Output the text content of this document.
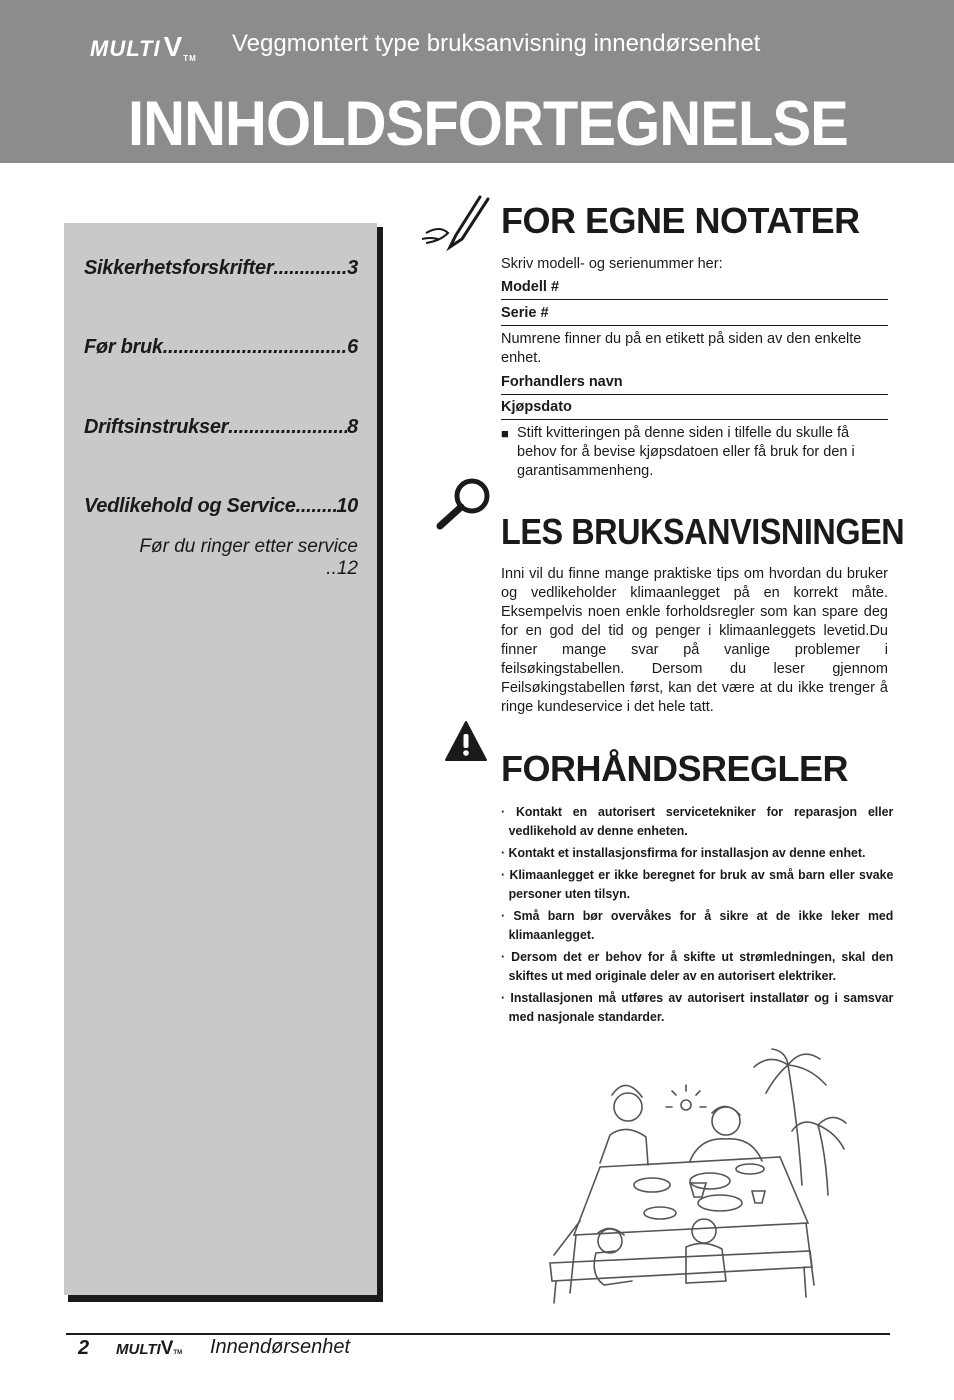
MULTI VTM
Veggmontert type bruksanvisning innendørsenhet
INNHOLDSFORTEGNELSE
Sikkerhetsforskrifter .....	3
Før bruk .....	6
Driftsinstrukser .....	8
Vedlikehold og Service ..... 10
Før du ringer etter service ..12
FOR EGNE NOTATER
Skriv modell- og serienummer her:
Modell #
Serie #
Numrene finner du på en etikett på siden av den enkelte enhet.
Forhandlers navn
Kjøpsdato
■ Stift kvitteringen på denne siden i tilfelle du skulle få behov for å bevise kjøpsdatoen eller få bruk for den i garantisammenheng.
LES BRUKSANVISNINGEN
Inni vil du finne mange praktiske tips om hvordan du bruker og vedlikeholder klimaanlegget på en korrekt måte. Eksempelvis noen enkle forholdsregler som kan spare deg for en god del tid og penger i klimaanleggets levetid.Du finner mange svar på vanlige problemer i feilsøkingstabellen. Dersom du leser gjennom Feilsøkingstabellen først, kan det være at du ikke trenger å ringe kundeservice i det hele tatt.
FORHÅNDSREGLER
· Kontakt en autorisert servicetekniker for reparasjon eller vedlikehold av denne enheten.
· Kontakt et installasjonsfirma for installasjon av denne enhet.
· Klimaanlegget er ikke beregnet for bruk av små barn eller svake personer uten tilsyn.
· Små barn bør overvåkes for å sikre at de ikke leker med klimaanlegget.
· Dersom det er behov for å skifte ut strømledningen, skal den skiftes ut med originale deler av en autorisert elektriker.
· Installasjonen må utføres av autorisert installatør og i samsvar med nasjonale standarder.
2 MULTIVTM Innendørsenhet
